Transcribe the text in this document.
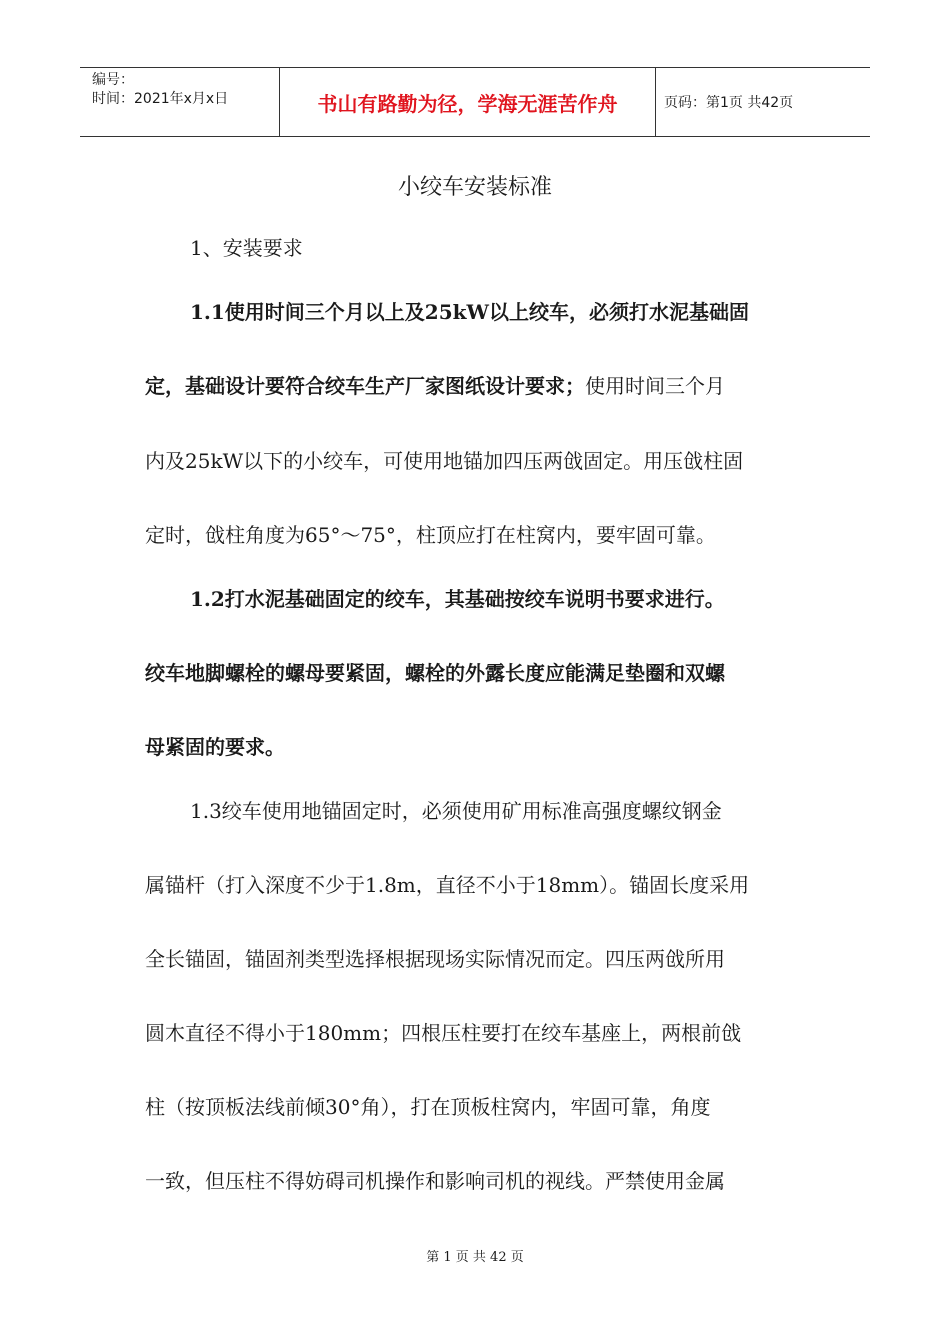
编号：
时间：2021年x月x日	书山有路勤为径，学海无涯苦作舟	页码：第1页 共42页
小绞车安装标准
1、安装要求
1.1使用时间三个月以上及25kW以上绞车，必须打水泥基础固
定，基础设计要符合绞车生产厂家图纸设计要求；使用时间三个月
内及25kW以下的小绞车，可使用地锚加四压两戗固定。用压戗柱固
定时，戗柱角度为65°～75°，柱顶应打在柱窝内，要牢固可靠。
1.2打水泥基础固定的绞车，其基础按绞车说明书要求进行。
绞车地脚螺栓的螺母要紧固，螺栓的外露长度应能满足垫圈和双螺
母紧固的要求。
1.3绞车使用地锚固定时，必须使用矿用标准高强度螺纹钢金
属锚杆（打入深度不少于1.8m，直径不小于18mm）。锚固长度采用
全长锚固，锚固剂类型选择根据现场实际情况而定。四压两戗所用
圆木直径不得小于180mm；四根压柱要打在绞车基座上，两根前戗
柱（按顶板法线前倾30°角），打在顶板柱窝内，牢固可靠，角度
一致，但压柱不得妨碍司机操作和影响司机的视线。严禁使用金属
第 1 页 共 42 页
